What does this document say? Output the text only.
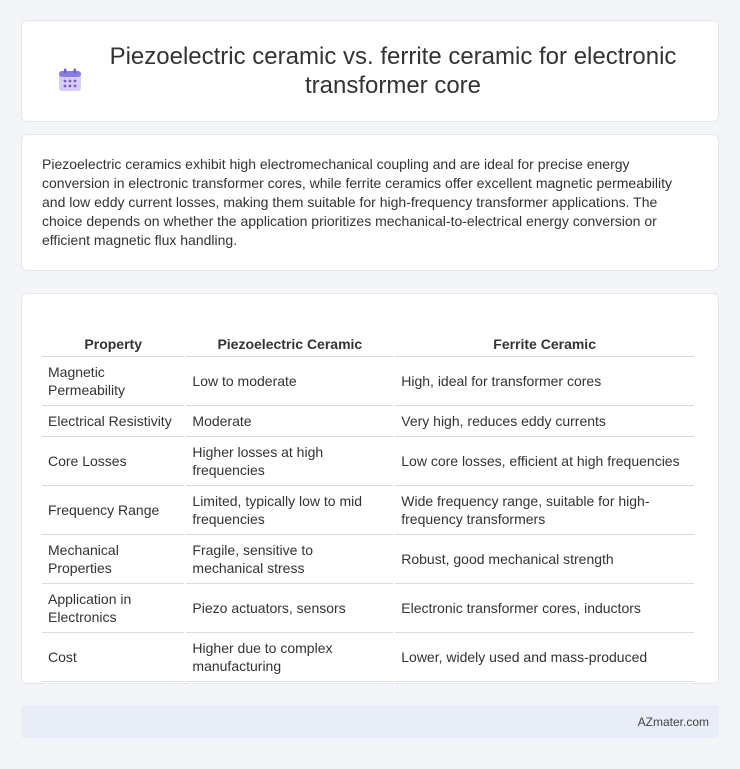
Piezoelectric ceramic vs. ferrite ceramic for electronic transformer core

Piezoelectric ceramics exhibit high electromechanical coupling and are ideal for precise energy conversion in electronic transformer cores, while ferrite ceramics offer excellent magnetic permeability and low eddy current losses, making them suitable for high-frequency transformer applications. The choice depends on whether the application prioritizes mechanical-to-electrical energy conversion or efficient magnetic flux handling.

Property	Piezoelectric Ceramic	Ferrite Ceramic
Magnetic Permeability	Low to moderate	High, ideal for transformer cores
Electrical Resistivity	Moderate	Very high, reduces eddy currents
Core Losses	Higher losses at high frequencies	Low core losses, efficient at high frequencies
Frequency Range	Limited, typically low to mid frequencies	Wide frequency range, suitable for high-frequency transformers
Mechanical Properties	Fragile, sensitive to mechanical stress	Robust, good mechanical strength
Application in Electronics	Piezo actuators, sensors	Electronic transformer cores, inductors
Cost	Higher due to complex manufacturing	Lower, widely used and mass-produced
AZmater.com
